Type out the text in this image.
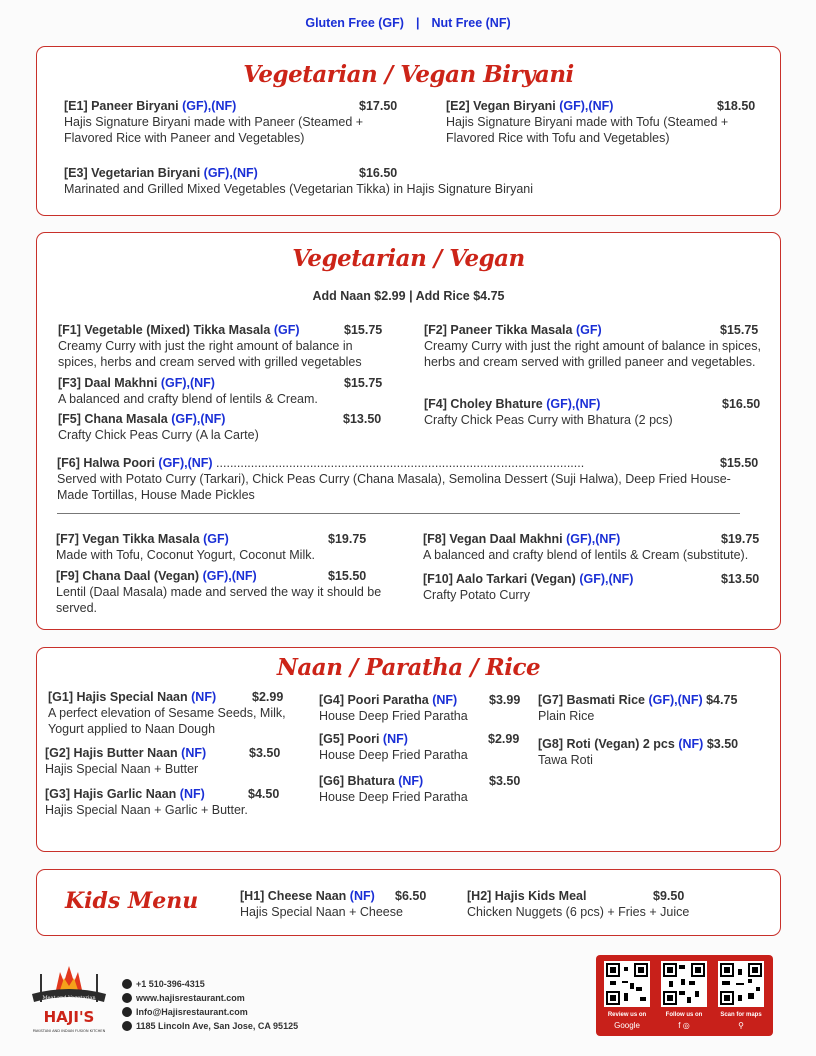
Gluten Free (GF) | Nut Free (NF)
Vegetarian / Vegan Biryani
[E1] Paneer Biryani (GF),(NF)	$17.50
Hajis Signature Biryani made with Paneer (Steamed + Flavored Rice with Paneer and Vegetables)
[E2] Vegan Biryani (GF),(NF)	$18.50
Hajis Signature Biryani made with Tofu (Steamed + Flavored Rice with Tofu and Vegetables)
[E3] Vegetarian Biryani (GF),(NF)	$16.50
Marinated and Grilled Mixed Vegetables (Vegetarian Tikka) in Hajis Signature Biryani
Vegetarian / Vegan
Add Naan $2.99 | Add Rice $4.75
[F1] Vegetable (Mixed) Tikka Masala (GF)	$15.75
Creamy Curry with just the right amount of balance in spices, herbs and cream served with grilled vegetables
[F2] Paneer Tikka Masala (GF)	$15.75
Creamy Curry with just the right amount of balance in spices, herbs and cream served with grilled paneer and vegetables.
[F3] Daal Makhni (GF),(NF)	$15.75
A balanced and crafty blend of lentils & Cream.	[F4] Choley Bhature (GF),(NF)	$16.50
Crafty Chick Peas Curry with Bhatura (2 pcs)
[F5] Chana Masala (GF),(NF)	$13.50
Crafty Chick Peas Curry (A la Carte)
[F6] Halwa Poori (GF),(NF) ..........................................................................................................	$15.50
Served with Potato Curry (Tarkari), Chick Peas Curry (Chana Masala), Semolina Dessert (Suji Halwa), Deep Fried House-Made Tortillas, House Made Pickles
[F7] Vegan Tikka Masala (GF)	$19.75
Made with Tofu, Coconut Yogurt, Coconut Milk.
[F8] Vegan Daal Makhni (GF),(NF)	$19.75
A balanced and crafty blend of lentils & Cream (substitute).
[F9] Chana Daal (Vegan) (GF),(NF)	$15.50
Lentil (Daal Masala) made and served the way it should be served.
[F10] Aalo Tarkari (Vegan) (GF),(NF)	$13.50
Crafty Potato Curry
Naan / Paratha / Rice
[G1] Hajis Special Naan (NF)	$2.99
A perfect elevation of Sesame Seeds, Milk, Yogurt applied to Naan Dough
[G2] Hajis Butter Naan (NF)	$3.50
Hajis Special Naan + Butter
[G3] Hajis Garlic Naan (NF)	$4.50
Hajis Special Naan + Garlic + Butter.
[G4] Poori Paratha (NF)	$3.99
House Deep Fried Paratha
[G5] Poori (NF)	$2.99
House Deep Fried Paratha
[G6] Bhatura (NF)	$3.50
House Deep Fried Paratha
[G7] Basmati Rice (GF),(NF) $4.75
Plain Rice
[G8] Roti (Vegan) 2 pcs (NF) $3.50
Tawa Roti
Kids Menu	[H1] Cheese Naan (NF) $6.50
Hajis Special Naan + Cheese
[H2] Hajis Kids Meal	$9.50
Chicken Nuggets (6 pcs) + Fries + Juice
Meat and Vegetarian
HAJI'S
PAKISTANI AND INDIAN FUSION KITCHEN
+1 510-396-4315
www.hajisrestaurant.com
Info@Hajisrestaurant.com
1185 Lincoln Ave, San Jose, CA 95125
Review us on	Follow us on	Scan for maps
Google	f ◎	⚲
